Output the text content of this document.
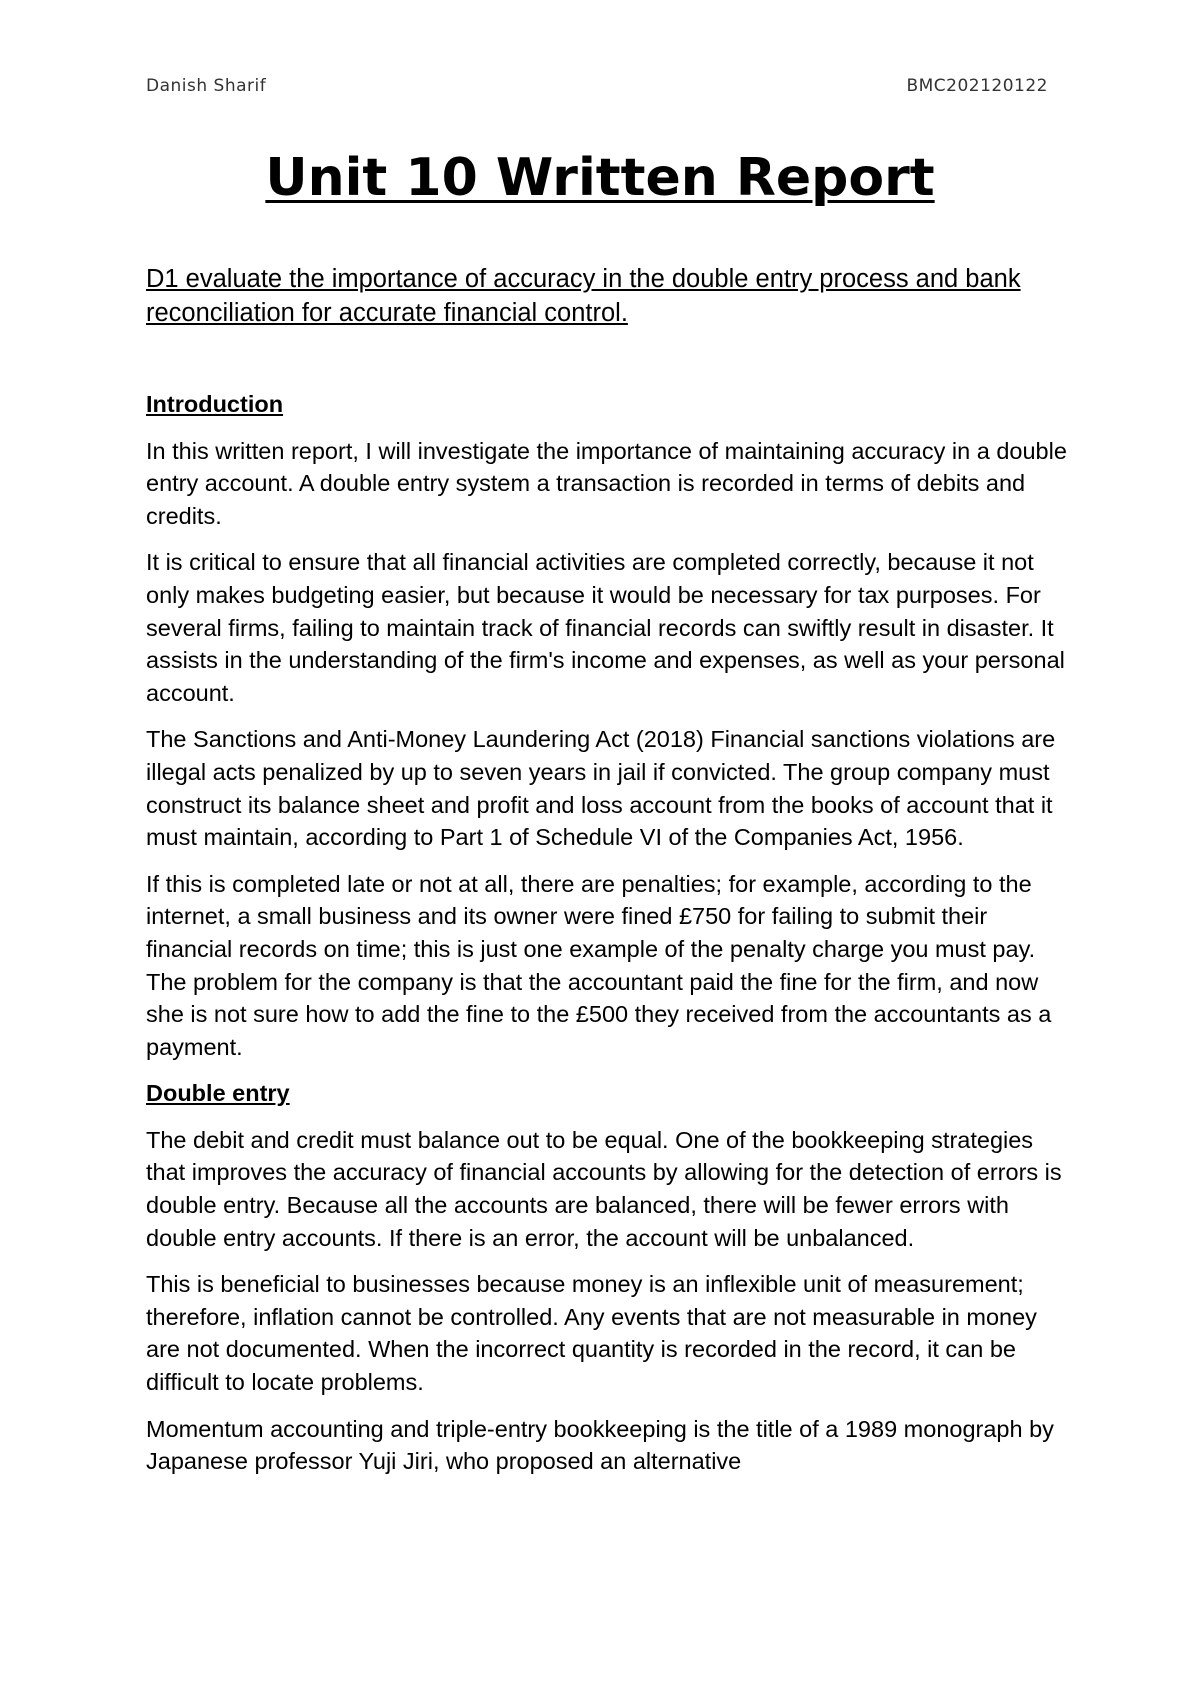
Danish Sharif	BMC202120122
Unit 10 Written Report

D1 evaluate the importance of accuracy in the double entry process and bank reconciliation for accurate financial control.

Introduction

In this written report, I will investigate the importance of maintaining accuracy in a double entry account. A double entry system a transaction is recorded in terms of debits and credits.

It is critical to ensure that all financial activities are completed correctly, because it not only makes budgeting easier, but because it would be necessary for tax purposes. For several firms, failing to maintain track of financial records can swiftly result in disaster. It assists in the understanding of the firm's income and expenses, as well as your personal account.

The Sanctions and Anti-Money Laundering Act (2018) Financial sanctions violations are illegal acts penalized by up to seven years in jail if convicted. The group company must construct its balance sheet and profit and loss account from the books of account that it must maintain, according to Part 1 of Schedule VI of the Companies Act, 1956.

If this is completed late or not at all, there are penalties; for example, according to the internet, a small business and its owner were fined £750 for failing to submit their financial records on time; this is just one example of the penalty charge you must pay. The problem for the company is that the accountant paid the fine for the firm, and now she is not sure how to add the fine to the £500 they received from the accountants as a payment.

Double entry

The debit and credit must balance out to be equal. One of the bookkeeping strategies that improves the accuracy of financial accounts by allowing for the detection of errors is double entry. Because all the accounts are balanced, there will be fewer errors with double entry accounts. If there is an error, the account will be unbalanced.

This is beneficial to businesses because money is an inflexible unit of measurement; therefore, inflation cannot be controlled. Any events that are not measurable in money are not documented. When the incorrect quantity is recorded in the record, it can be difficult to locate problems.

Momentum accounting and triple-entry bookkeeping is the title of a 1989 monograph by Japanese professor Yuji Jiri, who proposed an alternative
